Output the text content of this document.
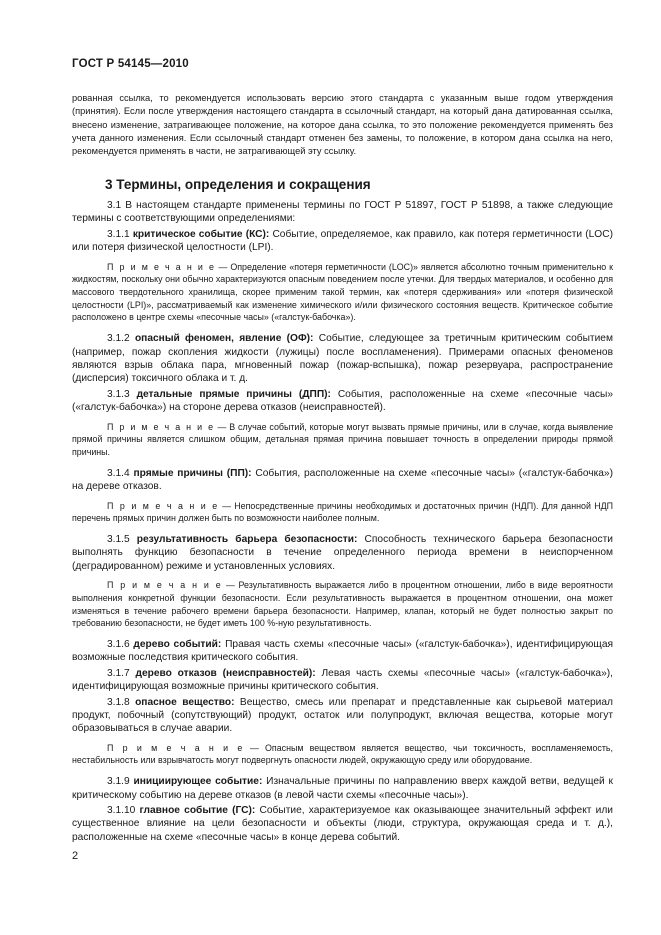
ГОСТ Р 54145—2010
рованная ссылка, то рекомендуется использовать версию этого стандарта с указанным выше годом утверждения (принятия). Если после утверждения настоящего стандарта в ссылочный стандарт, на который дана датированная ссылка, внесено изменение, затрагивающее положение, на которое дана ссылка, то это положение рекомендуется применять без учета данного изменения. Если ссылочный стандарт отменен без замены, то положение, в котором дана ссылка на него, рекомендуется применять в части, не затрагивающей эту ссылку.
3 Термины, определения и сокращения

3.1 В настоящем стандарте применены термины по ГОСТ Р 51897, ГОСТ Р 51898, а также следующие термины с соответствующими определениями:

3.1.1 критическое событие (КС): Событие, определяемое, как правило, как потеря герметичности (LOC) или потеря физической целостности (LPI).

П р и м е ч а н и е — Определение «потеря герметичности (LOC)» является абсолютно точным применительно к жидкостям, поскольку они обычно характеризуются опасным поведением после утечки. Для твердых материалов, и особенно для массового твердотельного хранилища, скорее применим такой термин, как «потеря сдерживания» или «потеря физической целостности (LPI)», рассматриваемый как изменение химического и/или физического состояния веществ. Критическое событие расположено в центре схемы «песочные часы» («галстук-бабочка»).

3.1.2 опасный феномен, явление (ОФ): Событие, следующее за третичным критическим событием (например, пожар скопления жидкости (лужицы) после воспламенения). Примерами опасных феноменов являются взрыв облака пара, мгновенный пожар (пожар-вспышка), пожар резервуара, распространение (дисперсия) токсичного облака и т. д.

3.1.3 детальные прямые причины (ДПП): События, расположенные на схеме «песочные часы» («галстук-бабочка») на стороне дерева отказов (неисправностей).

П р и м е ч а н и е — В случае событий, которые могут вызвать прямые причины, или в случае, когда выявление прямой причины является слишком общим, детальная прямая причина повышает точность в определении природы прямой причины.

3.1.4 прямые причины (ПП): События, расположенные на схеме «песочные часы» («галстук-бабочка») на дереве отказов.

П р и м е ч а н и е — Непосредственные причины необходимых и достаточных причин (НДП). Для данной НДП перечень прямых причин должен быть по возможности наиболее полным.

3.1.5 результативность барьера безопасности: Способность технического барьера безопасности выполнять функцию безопасности в течение определенного периода времени в неиспорченном (деградированном) режиме и установленных условиях.

П р и м е ч а н и е — Результативность выражается либо в процентном отношении, либо в виде вероятности выполнения конкретной функции безопасности. Если результативность выражается в процентном отношении, она может изменяться в течение рабочего времени барьера безопасности. Например, клапан, который не будет полностью закрыт по требованию безопасности, не будет иметь 100 %-ную результативность.

3.1.6 дерево событий: Правая часть схемы «песочные часы» («галстук-бабочка»), идентифицирующая возможные последствия критического события.

3.1.7 дерево отказов (неисправностей): Левая часть схемы «песочные часы» («галстук-бабочка»), идентифицирующая возможные причины критического события.

3.1.8 опасное вещество: Вещество, смесь или препарат и представленные как сырьевой материал продукт, побочный (сопутствующий) продукт, остаток или полупродукт, включая вещества, которые могут образовываться в случае аварии.

П р и м е ч а н и е — Опасным веществом является вещество, чьи токсичность, воспламеняемость, нестабильность или взрывчатость могут подвергнуть опасности людей, окружающую среду или оборудование.

3.1.9 инициирующее событие: Изначальные причины по направлению вверх каждой ветви, ведущей к критическому событию на дереве отказов (в левой части схемы «песочные часы»).

3.1.10 главное событие (ГС): Событие, характеризуемое как оказывающее значительный эффект или существенное влияние на цели безопасности и объекты (люди, структура, окружающая среда и т. д.), расположенные на схеме «песочные часы» в конце дерева событий.

2
